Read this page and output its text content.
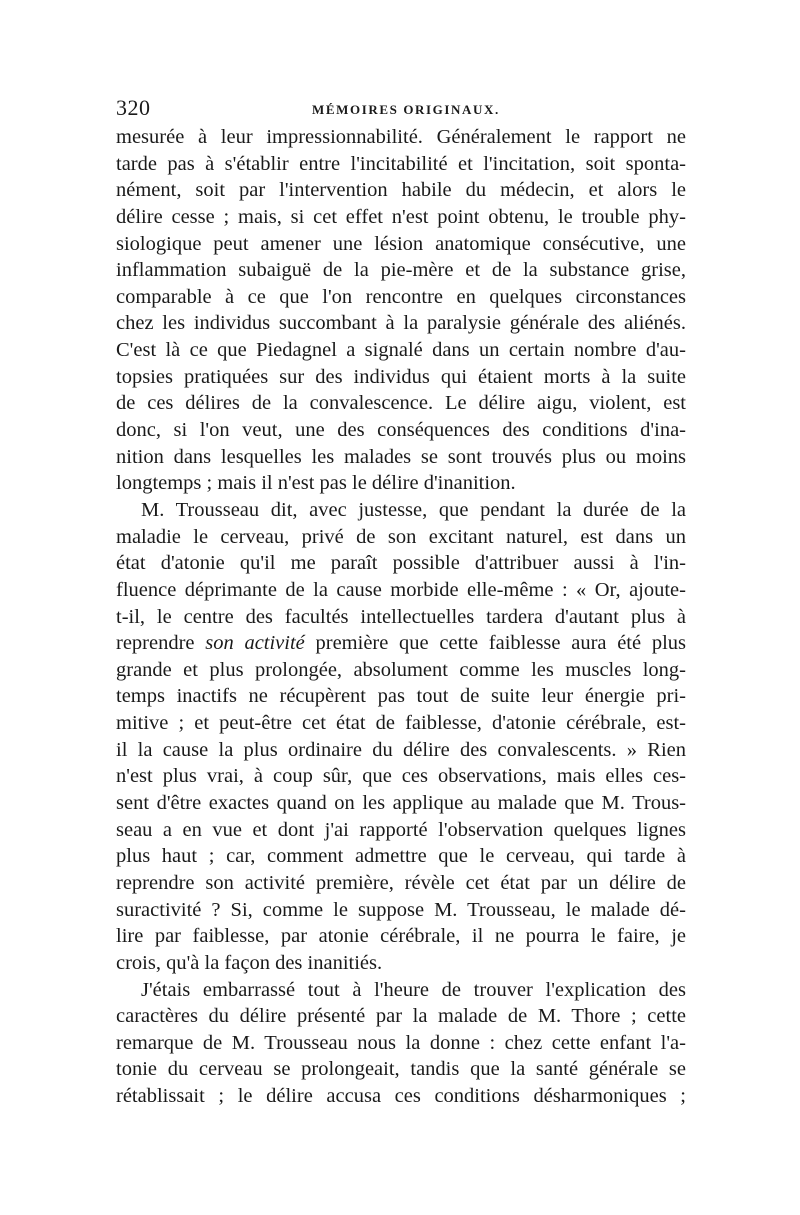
320	MÉMOIRES ORIGINAUX.
mesurée à leur impressionnabilité. Généralement le rapport ne
tarde pas à s'établir entre l'incitabilité et l'incitation, soit sponta-
nément, soit par l'intervention habile du médecin, et alors le
délire cesse ; mais, si cet effet n'est point obtenu, le trouble phy-
siologique peut amener une lésion anatomique consécutive, une
inflammation subaiguë de la pie-mère et de la substance grise,
comparable à ce que l'on rencontre en quelques circonstances
chez les individus succombant à la paralysie générale des aliénés.
C'est là ce que Piedagnel a signalé dans un certain nombre d'au-
topsies pratiquées sur des individus qui étaient morts à la suite
de ces délires de la convalescence. Le délire aigu, violent, est
donc, si l'on veut, une des conséquences des conditions d'ina-
nition dans lesquelles les malades se sont trouvés plus ou moins
longtemps ; mais il n'est pas le délire d'inanition.
M. Trousseau dit, avec justesse, que pendant la durée de la
maladie le cerveau, privé de son excitant naturel, est dans un
état d'atonie qu'il me paraît possible d'attribuer aussi à l'in-
fluence déprimante de la cause morbide elle-même : « Or, ajoute-
t-il, le centre des facultés intellectuelles tardera d'autant plus à
reprendre son activité première que cette faiblesse aura été plus
grande et plus prolongée, absolument comme les muscles long-
temps inactifs ne récupèrent pas tout de suite leur énergie pri-
mitive ; et peut-être cet état de faiblesse, d'atonie cérébrale, est-
il la cause la plus ordinaire du délire des convalescents. » Rien
n'est plus vrai, à coup sûr, que ces observations, mais elles ces-
sent d'être exactes quand on les applique au malade que M. Trous-
seau a en vue et dont j'ai rapporté l'observation quelques lignes
plus haut ; car, comment admettre que le cerveau, qui tarde à
reprendre son activité première, révèle cet état par un délire de
suractivité ? Si, comme le suppose M. Trousseau, le malade dé-
lire par faiblesse, par atonie cérébrale, il ne pourra le faire, je
crois, qu'à la façon des inanitiés.
J'étais embarrassé tout à l'heure de trouver l'explication des
caractères du délire présenté par la malade de M. Thore ; cette
remarque de M. Trousseau nous la donne : chez cette enfant l'a-
tonie du cerveau se prolongeait, tandis que la santé générale se
rétablissait ; le délire accusa ces conditions désharmoniques ;
